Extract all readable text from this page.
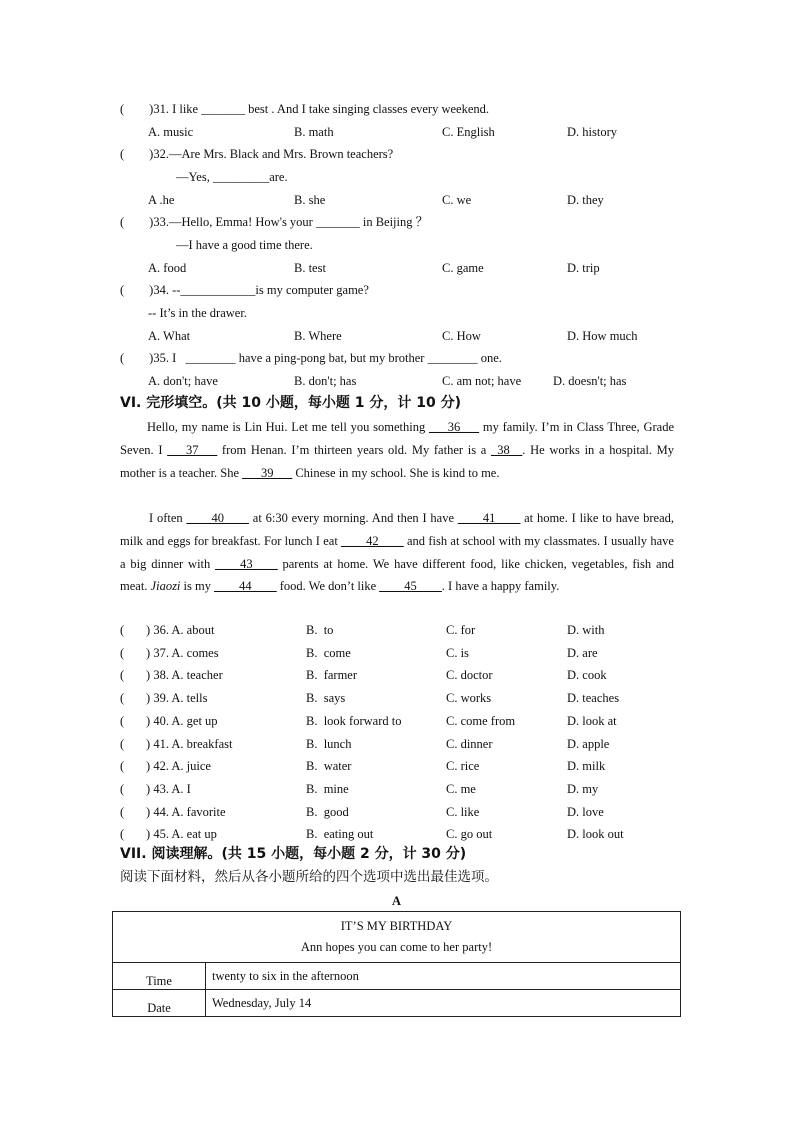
(        )31. I like _______ best . And I take singing classes every weekend.
A. music	B. math	C. English	D. history
(        )32.—Are Mrs. Black and Mrs. Brown teachers?
—Yes, _________are.
A .he	B. she	C. we	D. they
(        )33.—Hello, Emma! How's your _______ in Beijing ？
—I have a good time there.
A. food	B. test	C. game	D. trip
(        )34. --____________is my computer game?
-- It’s in the drawer.
A. What	B. Where	C. How	D. How much
(        )35. I   ________ have a ping-pong bat, but my brother ________ one.
A. don't; have	B. don't; has	C. am not; have	D. doesn't; has
VI. 完形填空。(共 10 小题，每小题 1 分，计 10 分)
Hello, my name is Lin Hui. Let me tell you something ___36___ my family. I’m in Class Three, Grade Seven. I ___37___ from Henan. I’m thirteen years old. My father is a _38__. He works in a hospital. My mother is a teacher. She ___39___ Chinese in my school. She is kind to me.
I often ____40____ at 6:30 every morning. And then I have ____41____ at home. I like to have bread, milk and eggs for breakfast. For lunch I eat ____42____ and fish at school with my classmates. I usually have a big dinner with ____43____ parents at home. We have different food, like chicken, vegetables, fish and meat. Jiaozi is my ____44____ food. We don’t like ____45____. I have a happy family.
(       ) 36. A. about	B.  to	C. for	D. with
(       ) 37. A. comes	B.  come	C. is	D. are
(       ) 38. A. teacher	B.  farmer	C. doctor	D. cook
(       ) 39. A. tells	B.  says	C. works	D. teaches
(       ) 40. A. get up	B.  look forward to	C. come from	D. look at
(       ) 41. A. breakfast	B.  lunch	C. dinner	D. apple
(       ) 42. A. juice	B.  water	C. rice	D. milk
(       ) 43. A. I	B.  mine	C. me	D. my
(       ) 44. A. favorite	B.  good	C. like	D. love
(       ) 45. A. eat up	B.  eating out	C. go out	D. look out
VII. 阅读理解。(共 15 小题，每小题 2 分，计 30 分)
阅读下面材料，然后从各小题所给的四个选项中选出最佳选项。
A
IT’S MY BIRTHDAY
Ann hopes you can come to her party!	

Time	twenty to six in the afternoon
Date	Wednesday, July 14
